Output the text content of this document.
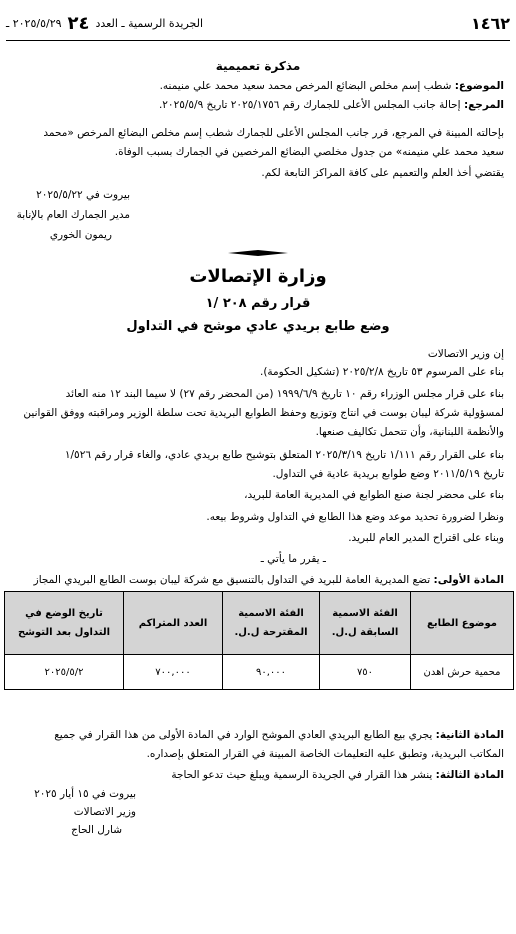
١٤٦٢
الجريدة الرسمية ـ العدد
٢٤
٢٠٢٥/٥/٢٩ ـ
مذكرة تعميمية
الموضوع: شطب إسم مخلص البضائع المرخص محمد سعيد محمد علي منيمنه.
المرجع: إحالة جانب المجلس الأعلى للجمارك رقم ٢٠٢٥/١٧٥٦ تاريخ ٢٠٢٥/٥/٩.
بإحالته المبينة في المرجع، قرر جانب المجلس الأعلى للجمارك شطب إسم مخلص البضائع المرخص «محمد
سعيد محمد علي منيمنه» من جدول مخلصي البضائع المرخصين في الجمارك بسبب الوفاة.
يقتضي أخذ العلم والتعميم على كافة المراكز التابعة لكم.
بيروت في ٢٠٢٥/٥/٢٢
مدير الجمارك العام بالإنابة
ريمون الخوري
وزارة الإتصالات
قرار رقم ٢٠٨ /١
وضع طابع بريدي عادي موشح في التداول
إن وزير الاتصالات
بناء على المرسوم ٥٣ تاريخ ٢٠٢٥/٢/٨ (تشكيل الحكومة).
بناء على قرار مجلس الوزراء رقم ١٠ تاريخ ١٩٩٩/٦/٩ (من المحضر رقم ٢٧) لا سيما البند ١٢ منه العائد
لمسؤولية شركة ليبان بوست في انتاج وتوزيع وحفظ الطوابع البريدية تحت سلطة الوزير ومراقبته ووفق القوانين
والأنظمة اللبنانية، وأن تتحمل تكاليف صنعها.
بناء على القرار رقم ١/١١١ تاريخ ٢٠٢٥/٣/١٩ المتعلق بتوشيح طابع بريدي عادي، والغاء قرار رقم ١/٥٢٦
تاريخ ٢٠١١/٥/١٩ وضع طوابع بريدية عادية في التداول.
بناء على محضر لجنة صنع الطوابع في المديرية العامة للبريد،
ونظرا لضرورة تحديد موعد وضع هذا الطابع في التداول وشروط بيعه.
وبناء على اقتراح المدير العام للبريد.
ـ يقرر ما يأتي ـ
المادة الأولى: تضع المديرية العامة للبريد في التداول بالتنسيق مع شركة ليبان بوست الطابع البريدي المجاز
موضوع الطابع	الفئة الاسمية السابقة ل.ل.	الفئة الاسمية المقترحة ل.ل.	العدد المتراكم	تاريخ الوضع في التداول بعد التوشح
محمية حرش اهدن	٧٥٠	٩٠,٠٠٠	٧٠٠,٠٠٠	٢٠٢٥/٥/٢
المادة الثانية: يجري بيع الطابع البريدي العادي الموشح الوارد في المادة الأولى من هذا القرار في جميع
المكاتب البريدية، وتطبق عليه التعليمات الخاصة المبينة في القرار المتعلق بإصداره.
المادة الثالثة: ينشر هذا القرار في الجريدة الرسمية ويبلغ حيث تدعو الحاجة
بيروت في ١٥ أيار ٢٠٢٥
وزير الاتصالات
شارل الحاج
